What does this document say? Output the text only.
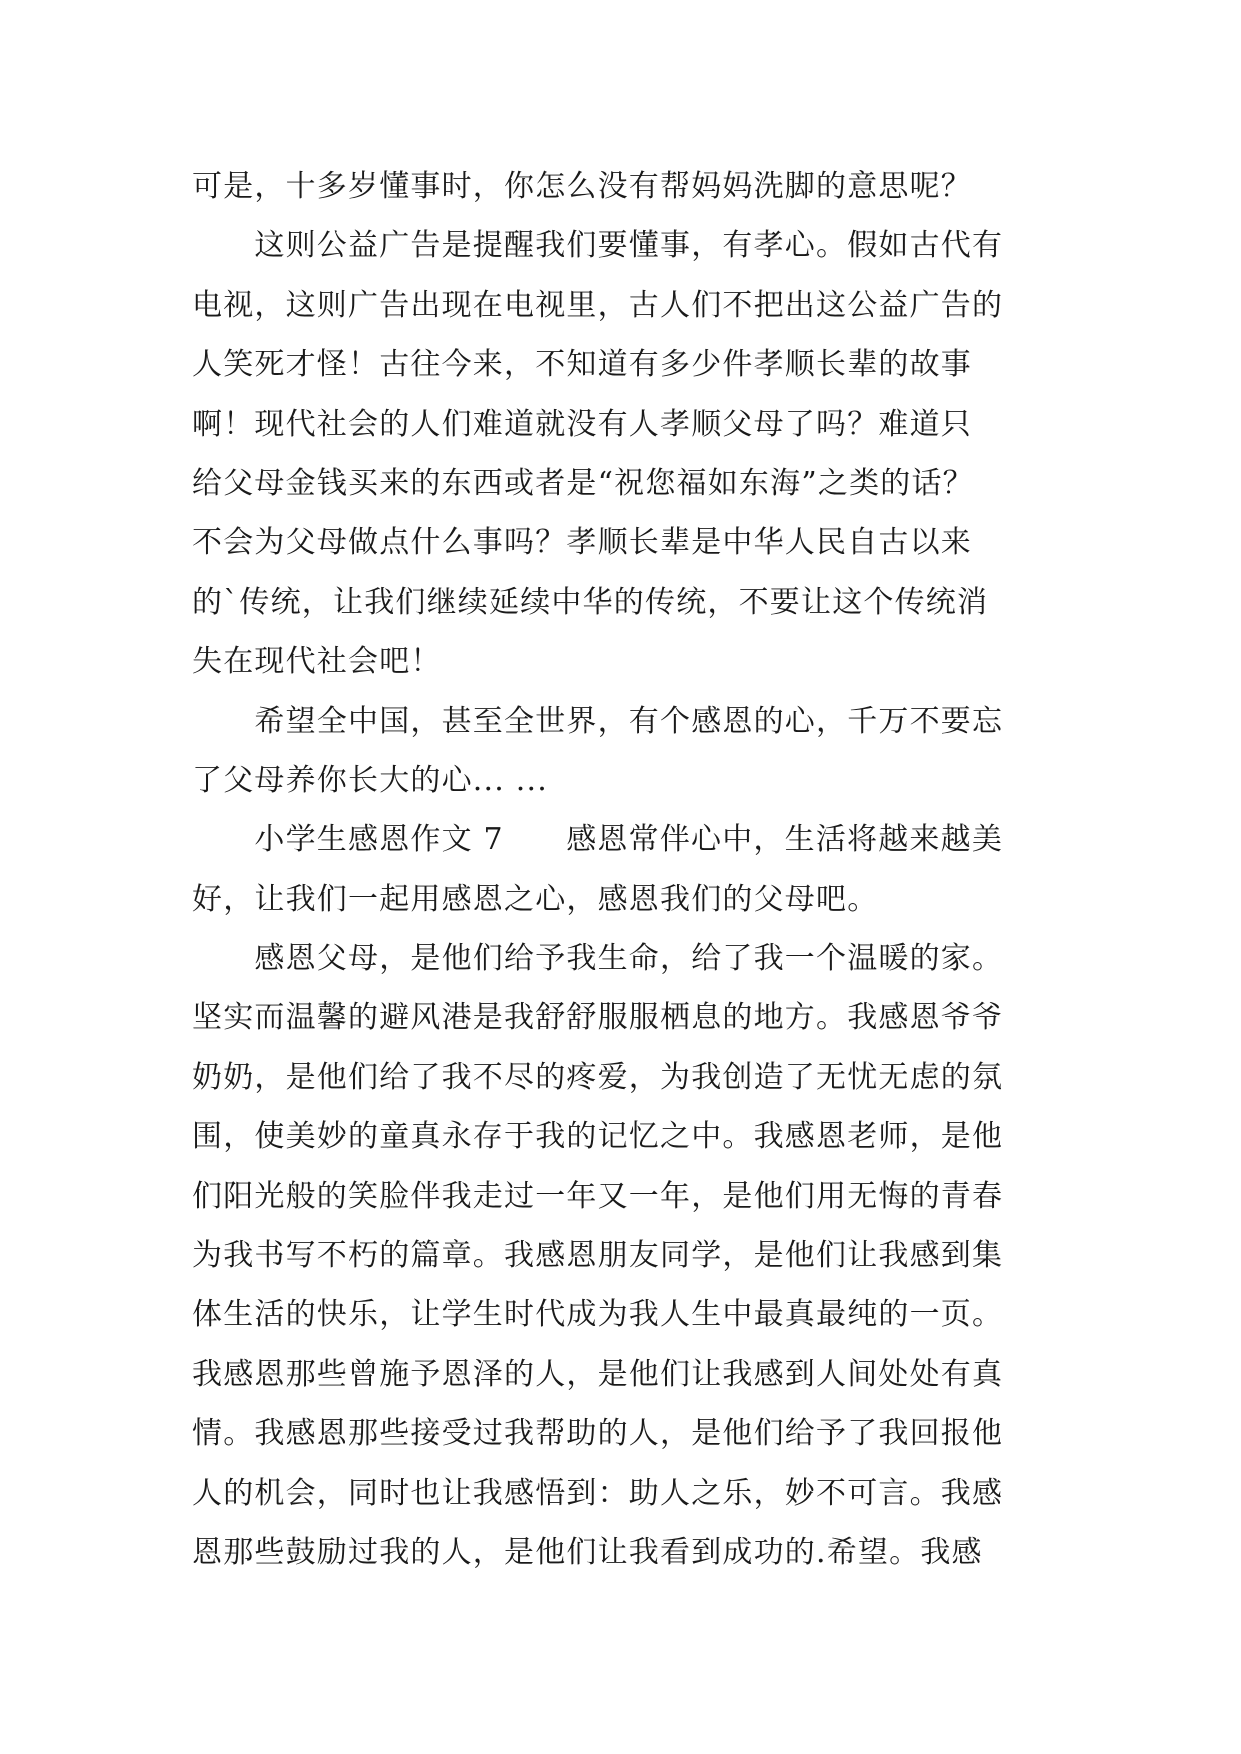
可是，十多岁懂事时，你怎么没有帮妈妈洗脚的意思呢？
　　这则公益广告是提醒我们要懂事，有孝心。假如古代有
电视，这则广告出现在电视里，古人们不把出这公益广告的
人笑死才怪！古往今来，不知道有多少件孝顺长辈的故事
啊！现代社会的人们难道就没有人孝顺父母了吗？难道只
给父母金钱买来的东西或者是“祝您福如东海”之类的话？
不会为父母做点什么事吗？孝顺长辈是中华人民自古以来
的`传统，让我们继续延续中华的传统，不要让这个传统消
失在现代社会吧！
　　希望全中国，甚至全世界，有个感恩的心，千万不要忘
了父母养你长大的心... ...
　　小学生感恩作文 7　　感恩常伴心中，生活将越来越美
好，让我们一起用感恩之心，感恩我们的父母吧。
　　感恩父母，是他们给予我生命，给了我一个温暖的家。
坚实而温馨的避风港是我舒舒服服栖息的地方。我感恩爷爷
奶奶，是他们给了我不尽的疼爱，为我创造了无忧无虑的氛
围，使美妙的童真永存于我的记忆之中。我感恩老师，是他
们阳光般的笑脸伴我走过一年又一年，是他们用无悔的青春
为我书写不朽的篇章。我感恩朋友同学，是他们让我感到集
体生活的快乐，让学生时代成为我人生中最真最纯的一页。
我感恩那些曾施予恩泽的人，是他们让我感到人间处处有真
情。我感恩那些接受过我帮助的人，是他们给予了我回报他
人的机会，同时也让我感悟到：助人之乐，妙不可言。我感
恩那些鼓励过我的人，是他们让我看到成功的.希望。我感
